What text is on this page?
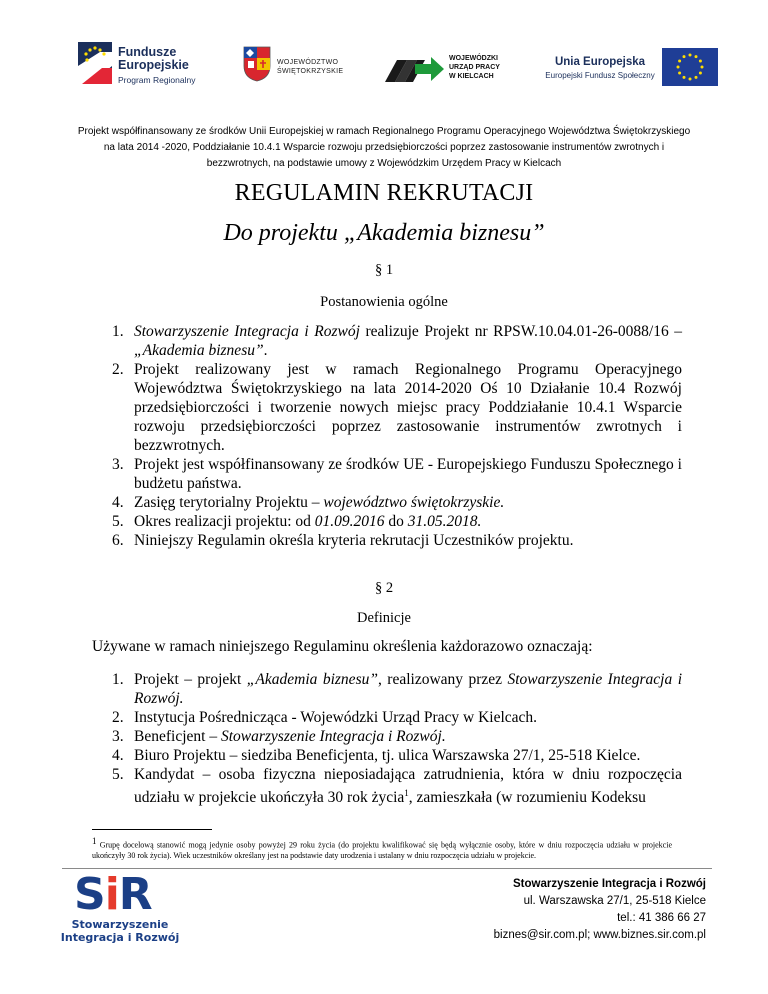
Fundusze
Europejskie
Program Regionalny
WOJEWÓDZTWO
ŚWIĘTOKRZYSKIE
WOJEWÓDZKI
URZĄD PRACY
W KIELCACH
Unia Europejska
Europejski Fundusz Społeczny
Projekt współfinansowany ze środków Unii Europejskiej w ramach Regionalnego Programu Operacyjnego Województwa Świętokrzyskiego
na lata 2014 -2020, Poddziałanie 10.4.1 Wsparcie rozwoju przedsiębiorczości poprzez zastosowanie instrumentów zwrotnych i
bezzwrotnych, na podstawie umowy z Wojewódzkim Urzędem Pracy w Kielcach
REGULAMIN REKRUTACJI
Do projektu „Akademia biznesu”
§ 1
Postanowienia ogólne
1. Stowarzyszenie Integracja i Rozwój realizuje Projekt nr RPSW.10.04.01-26-0088/16 – „Akademia biznesu”.
2. Projekt realizowany jest w ramach Regionalnego Programu Operacyjnego Województwa Świętokrzyskiego na lata 2014-2020 Oś 10 Działanie 10.4 Rozwój przedsiębiorczości i tworzenie nowych miejsc pracy Poddziałanie 10.4.1 Wsparcie rozwoju przedsiębiorczości poprzez zastosowanie instrumentów zwrotnych i bezzwrotnych.
3. Projekt jest współfinansowany ze środków UE - Europejskiego Funduszu Społecznego i budżetu państwa.
4. Zasięg terytorialny Projektu – województwo świętokrzyskie.
5. Okres realizacji projektu: od 01.09.2016 do 31.05.2018.
6. Niniejszy Regulamin określa kryteria rekrutacji Uczestników projektu.
§ 2
Definicje
Używane w ramach niniejszego Regulaminu określenia każdorazowo oznaczają:
1. Projekt – projekt „Akademia biznesu”, realizowany przez Stowarzyszenie Integracja i Rozwój.
2. Instytucja Pośrednicząca - Wojewódzki Urząd Pracy w Kielcach.
3. Beneficjent – Stowarzyszenie Integracja i Rozwój.
4. Biuro Projektu – siedziba Beneficjenta, tj. ulica Warszawska 27/1, 25-518 Kielce.
5. Kandydat – osoba fizyczna nieposiadająca zatrudnienia, która w dniu rozpoczęcia udziału w projekcie ukończyła 30 rok życia$^1$, zamieszkała (w rozumieniu Kodeksu
$^1$ Grupę docelową stanowić mogą jedynie osoby powyżej 29 roku życia (do projektu kwalifikować się będą wyłącznie osoby, które w dniu rozpoczęcia udziału w projekcie ukończyły 30 rok życia). Wiek uczestników określany jest na podstawie daty urodzenia i ustalany w dniu rozpoczęcia udziału w projekcie.
SiR
Stowarzyszenie
Integracja i Rozwój
Stowarzyszenie Integracja i Rozwój
ul. Warszawska 27/1, 25-518 Kielce
tel.: 41 386 66 27
biznes@sir.com.pl; www.biznes.sir.com.pl
